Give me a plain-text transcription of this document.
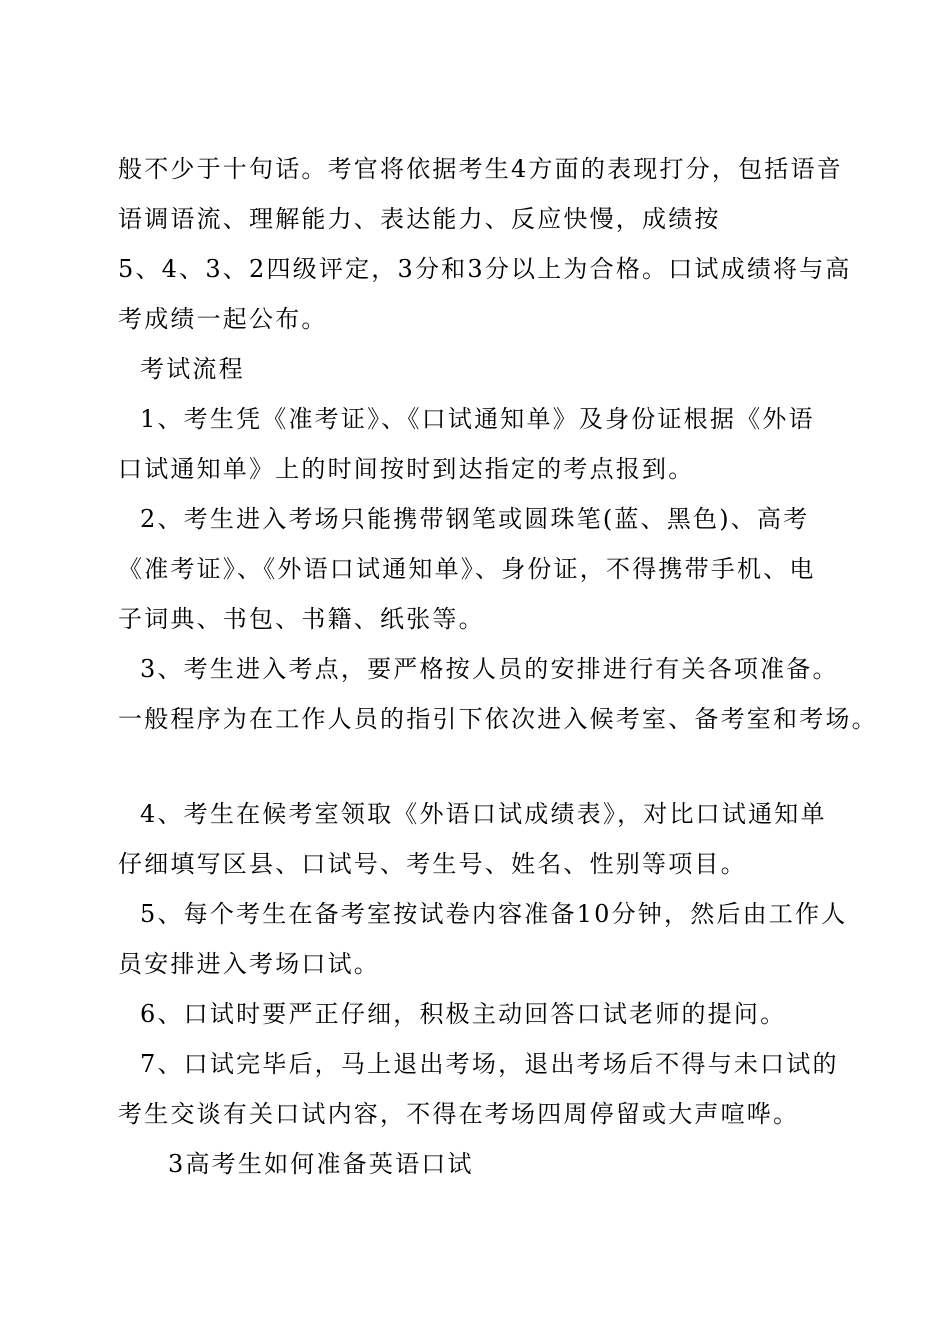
般不少于十句话。考官将依据考生4方面的表现打分，包括语音
语调语流、理解能力、表达能力、反应快慢，成绩按
5、4、3、2四级评定，3分和3分以上为合格。口试成绩将与高
考成绩一起公布。
考试流程
1、考生凭《准考证》、《口试通知单》及身份证根据《外语
口试通知单》上的时间按时到达指定的考点报到。
2、考生进入考场只能携带钢笔或圆珠笔(蓝、黑色)、高考
《准考证》、《外语口试通知单》、身份证，不得携带手机、电
子词典、书包、书籍、纸张等。
3、考生进入考点，要严格按人员的安排进行有关各项准备。
一般程序为在工作人员的指引下依次进入候考室、备考室和考场。
4、考生在候考室领取《外语口试成绩表》，对比口试通知单
仔细填写区县、口试号、考生号、姓名、性别等项目。
5、每个考生在备考室按试卷内容准备10分钟，然后由工作人
员安排进入考场口试。
6、口试时要严正仔细，积极主动回答口试老师的提问。
7、口试完毕后，马上退出考场，退出考场后不得与未口试的
考生交谈有关口试内容，不得在考场四周停留或大声喧哗。
3高考生如何准备英语口试
